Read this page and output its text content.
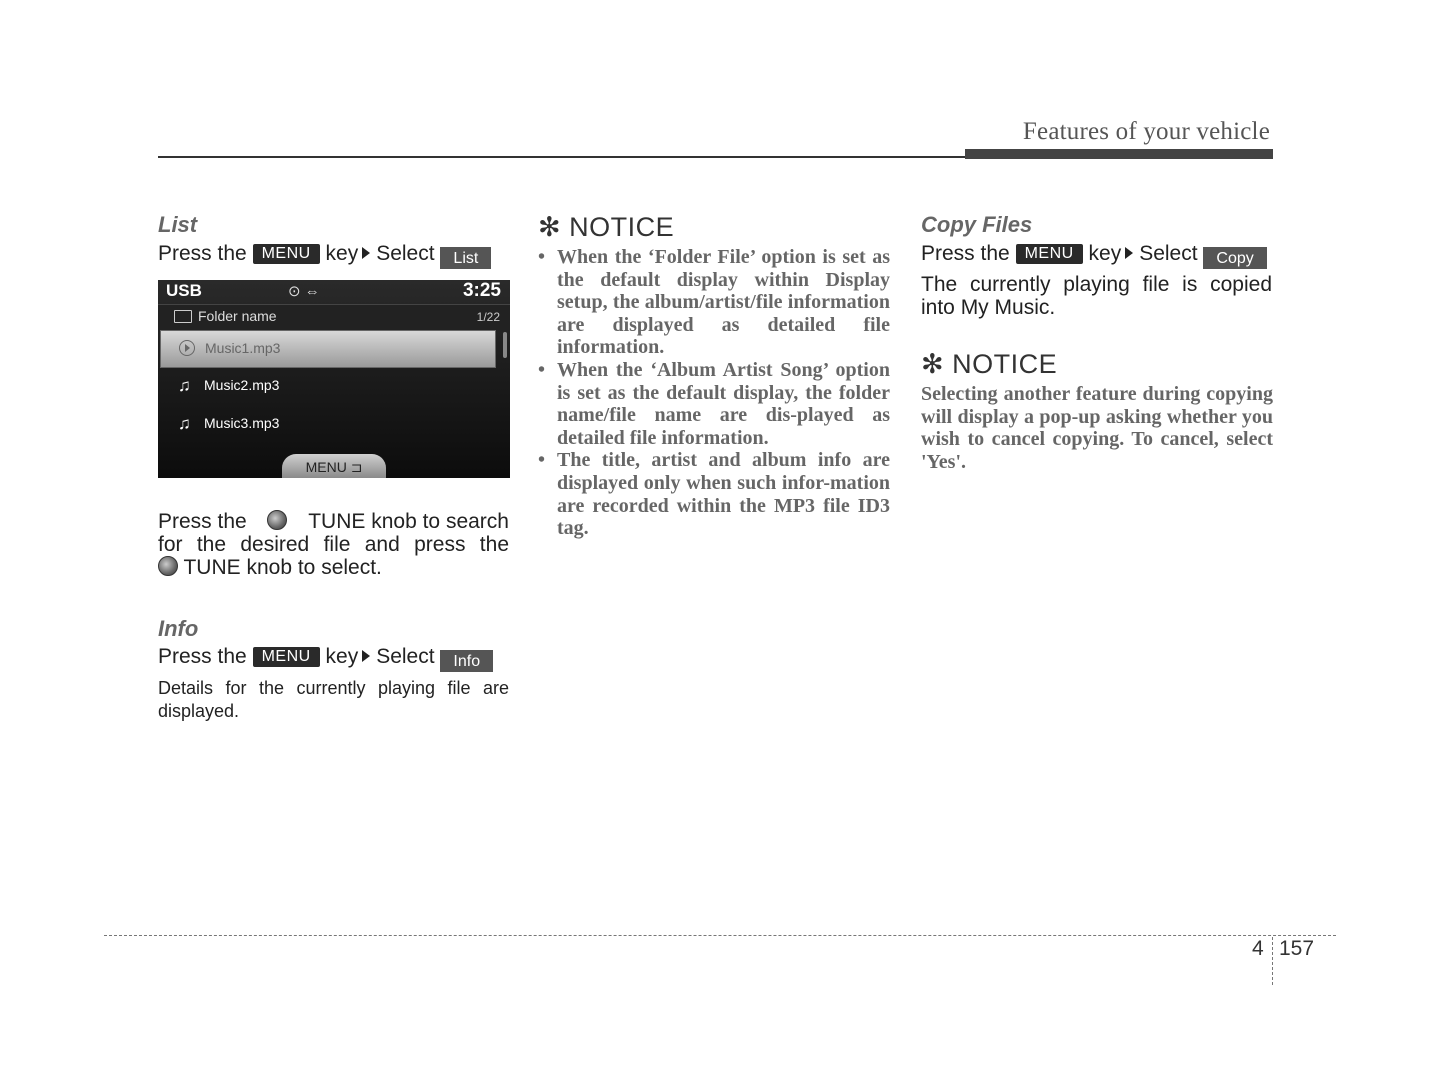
Features of your vehicle
List
Press the MENU key Select List
USB	⊙ ⇔	3:25
Folder name	1/22
Music1.mp3
♫ Music2.mp3
♫ Music3.mp3
MENU ⊐
Press the	TUNE knob to search
for the desired file and press the
TUNE knob to select.
Info
Press the MENU key Select Info
Details for the currently playing file are displayed.
✻ NOTICE
• When the ‘Folder File’ option is set as the default display within Display setup, the album/artist/file information are displayed as detailed file information.
• When the ‘Album Artist Song’ option is set as the default display, the folder name/file name are dis-played as detailed file information.
• The title, artist and album info are displayed only when such infor-mation are recorded within the MP3 file ID3 tag.
Copy Files
Press the MENU key Select Copy
The currently playing file is copied into My Music.
✻ NOTICE
Selecting another feature during copying will display a pop-up asking whether you wish to cancel copying. To cancel, select 'Yes'.
4 157
